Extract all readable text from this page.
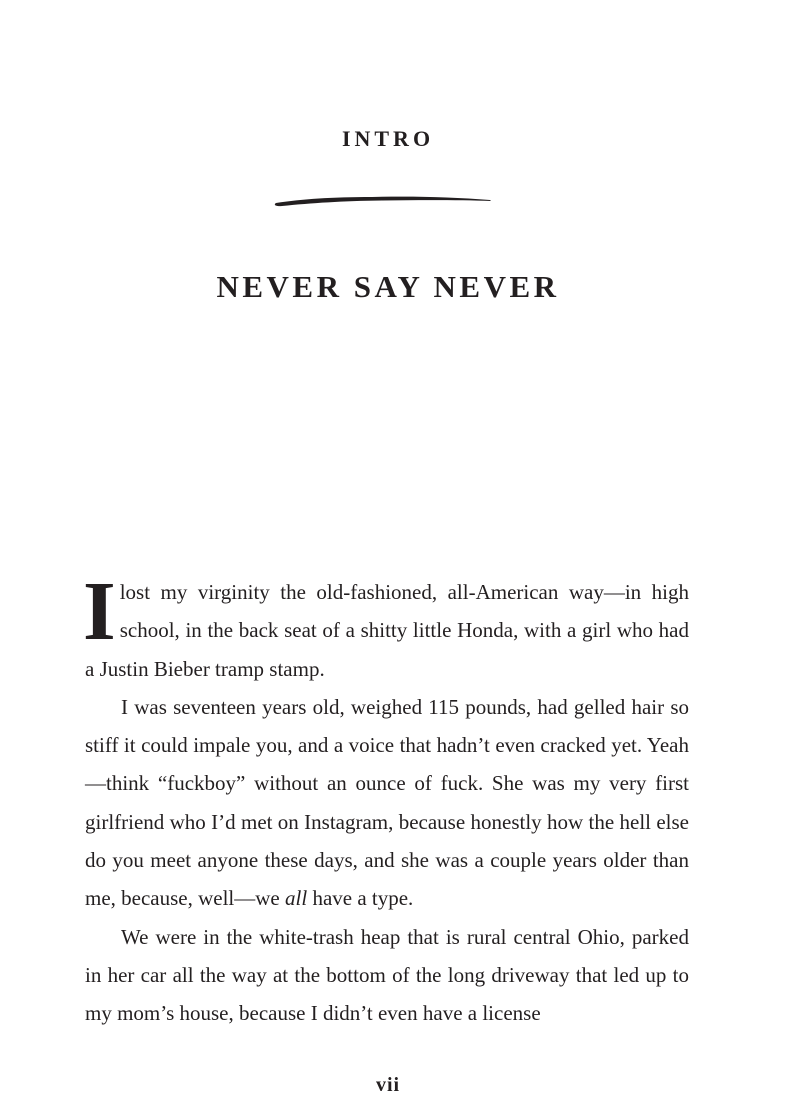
INTRO
NEVER SAY NEVER

I lost my virginity the old-fashioned, all-American way—in high school, in the back seat of a shitty little Honda, with a girl who had a Justin Bieber tramp stamp.

I was seventeen years old, weighed 115 pounds, had gelled hair so stiff it could impale you, and a voice that hadn’t even cracked yet. Yeah—think “fuckboy” without an ounce of fuck. She was my very first girlfriend who I’d met on Instagram, because honestly how the hell else do you meet anyone these days, and she was a couple years older than me, because, well—we all have a type.

We were in the white-trash heap that is rural central Ohio, parked in her car all the way at the bottom of the long driveway that led up to my mom’s house, because I didn’t even have a license

vii
